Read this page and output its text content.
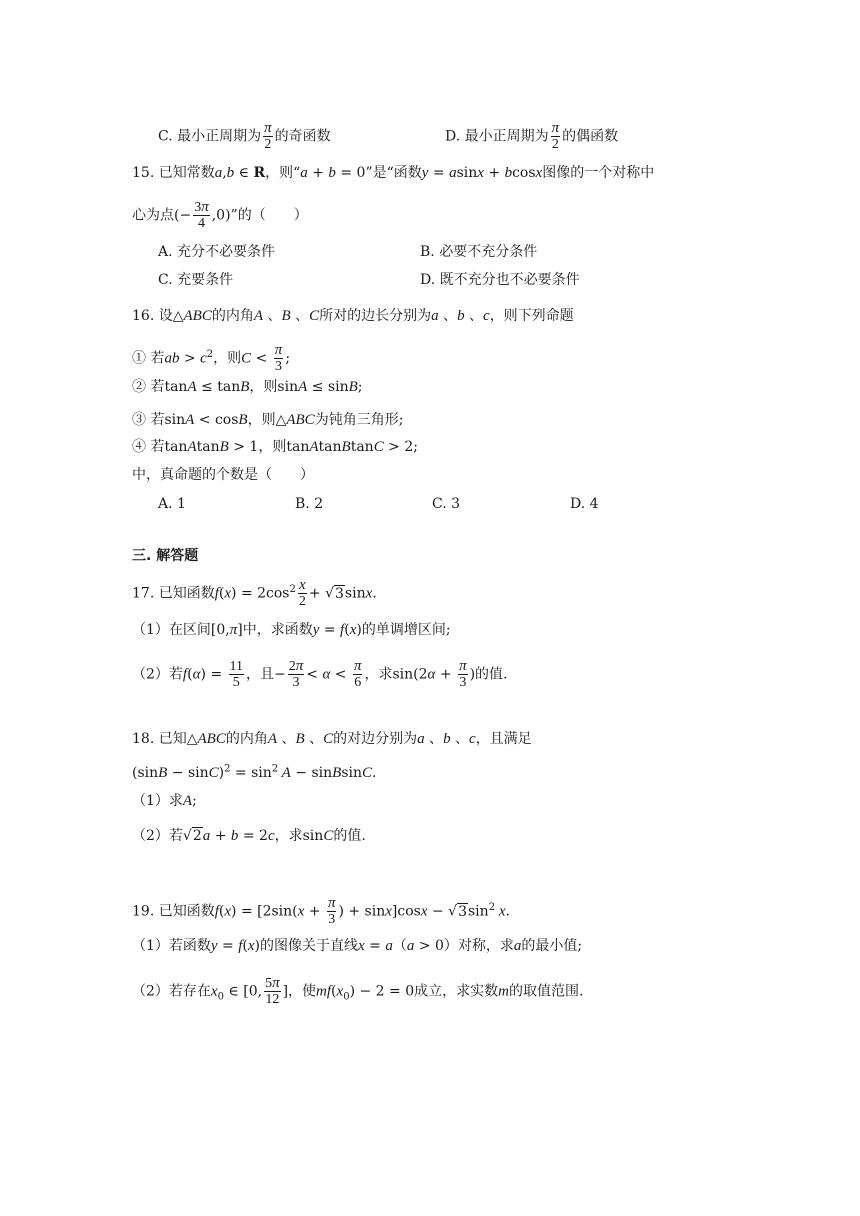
C. 最小正周期为 $\frac{\pi}{2}$ 的奇函数	D. 最小正周期为 $\frac{\pi}{2}$ 的偶函数
15. 已知常数a,b ∈ R，则“a + b = 0”是“函数y = asinx + bcosx图像的一个对称中
心为点(− $\frac{3\pi}{4} ,0$)”的（　　）
A. 充分不必要条件	B. 必要不充分条件
C. 充要条件	D. 既不充分也不必要条件
16. 设△ABC的内角A 、B 、C所对的边长分别为a 、b 、c，则下列命题
① 若ab > $c^2$，则$C < \frac{\pi}{3}$ ;
② 若tanA ≤ tanB，则sinA ≤ sinB;
③ 若sinA < cosB，则△ABC为钝角三角形;
④ 若tanAtanB > 1，则tanAtanBtanC > 2;
中，真命题的个数是（　　）
A. 1	B. 2	C. 3	D. 4
三. 解答题
17. 已知函数$f(x) = 2\cos^2 \frac{x}{2} + √3\sin x$.
（1）在区间[0,π]中，求函数y = f(x)的单调增区间;
（2）若$f(\alpha) = \frac{11}{5}$ ，且− $\frac{2\pi}{3} < \alpha < \frac{\pi}{6}$ ，求$\sin(2\alpha + \frac{\pi}{3}$ )的值.
18. 已知△ABC的内角A 、B 、C的对边分别为a 、b 、c，且满足
$(\sin B - \sin C)^2 = \sin^2 A$ − sinBsinC.
（1）求A;
（2）若√2a + b = 2c，求sinC的值.
19. 已知函数$f(x) = [2\sin(x + \frac{\pi}{3}$ ) + $\sin x]\cos x - √3\sin^2$ x.
（1）若函数y = f(x)的图像关于直线x = a（a > 0）对称，求a的最小值;
（2）若存在$x_0$ ∈ [0, $\frac{5\pi}{12}$ ]，使$mf(x_0) - 2 = 0$成立，求实数m的取值范围.
